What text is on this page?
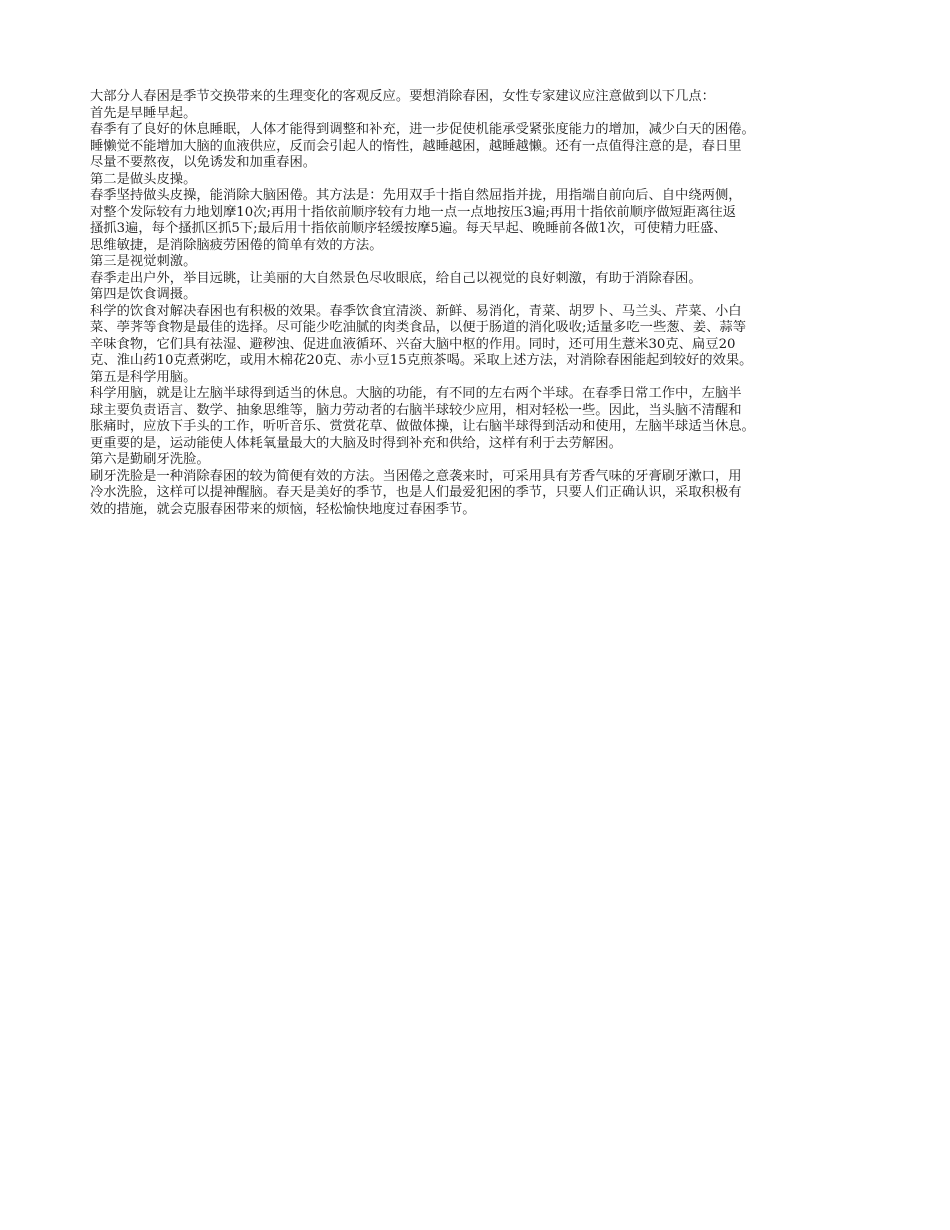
大部分人春困是季节交换带来的生理变化的客观反应。要想消除春困，女性专家建议应注意做到以下几点：
首先是早睡早起。
春季有了良好的休息睡眠，人体才能得到调整和补充，进一步促使机能承受紧张度能力的增加，减少白天的困倦。
睡懒觉不能增加大脑的血液供应，反而会引起人的惰性，越睡越困，越睡越懒。还有一点值得注意的是，春日里
尽量不要熬夜，以免诱发和加重春困。
第二是做头皮操。
春季坚持做头皮操，能消除大脑困倦。其方法是：先用双手十指自然屈指并拢，用指端自前向后、自中绕两侧，
对整个发际较有力地划摩10次;再用十指依前顺序较有力地一点一点地按压3遍;再用十指依前顺序做短距离往返
搔抓3遍，每个搔抓区抓5下;最后用十指依前顺序轻缓按摩5遍。每天早起、晚睡前各做1次，可使精力旺盛、
思维敏捷，是消除脑疲劳困倦的简单有效的方法。
第三是视觉刺激。
春季走出户外，举目远眺，让美丽的大自然景色尽收眼底，给自己以视觉的良好刺激，有助于消除春困。
第四是饮食调摄。
科学的饮食对解决春困也有积极的效果。春季饮食宜清淡、新鲜、易消化，青菜、胡罗卜、马兰头、芹菜、小白
菜、荸荠等食物是最佳的选择。尽可能少吃油腻的肉类食品，以便于肠道的消化吸收;适量多吃一些葱、姜、蒜等
辛味食物，它们具有祛湿、避秽浊、促进血液循环、兴奋大脑中枢的作用。同时，还可用生薏米30克、扁豆20
克、淮山药10克煮粥吃，或用木棉花20克、赤小豆15克煎茶喝。采取上述方法，对消除春困能起到较好的效果。
第五是科学用脑。
科学用脑，就是让左脑半球得到适当的休息。大脑的功能，有不同的左右两个半球。在春季日常工作中，左脑半
球主要负责语言、数学、抽象思维等，脑力劳动者的右脑半球较少应用，相对轻松一些。因此，当头脑不清醒和
胀痛时，应放下手头的工作，听听音乐、赏赏花草、做做体操，让右脑半球得到活动和使用，左脑半球适当休息。
更重要的是，运动能使人体耗氧量最大的大脑及时得到补充和供给，这样有利于去劳解困。
第六是勤刷牙洗脸。
刷牙洗脸是一种消除春困的较为简便有效的方法。当困倦之意袭来时，可采用具有芳香气味的牙膏刷牙漱口，用
冷水洗脸，这样可以提神醒脑。春天是美好的季节，也是人们最爱犯困的季节，只要人们正确认识，采取积极有
效的措施，就会克服春困带来的烦恼，轻松愉快地度过春困季节。
